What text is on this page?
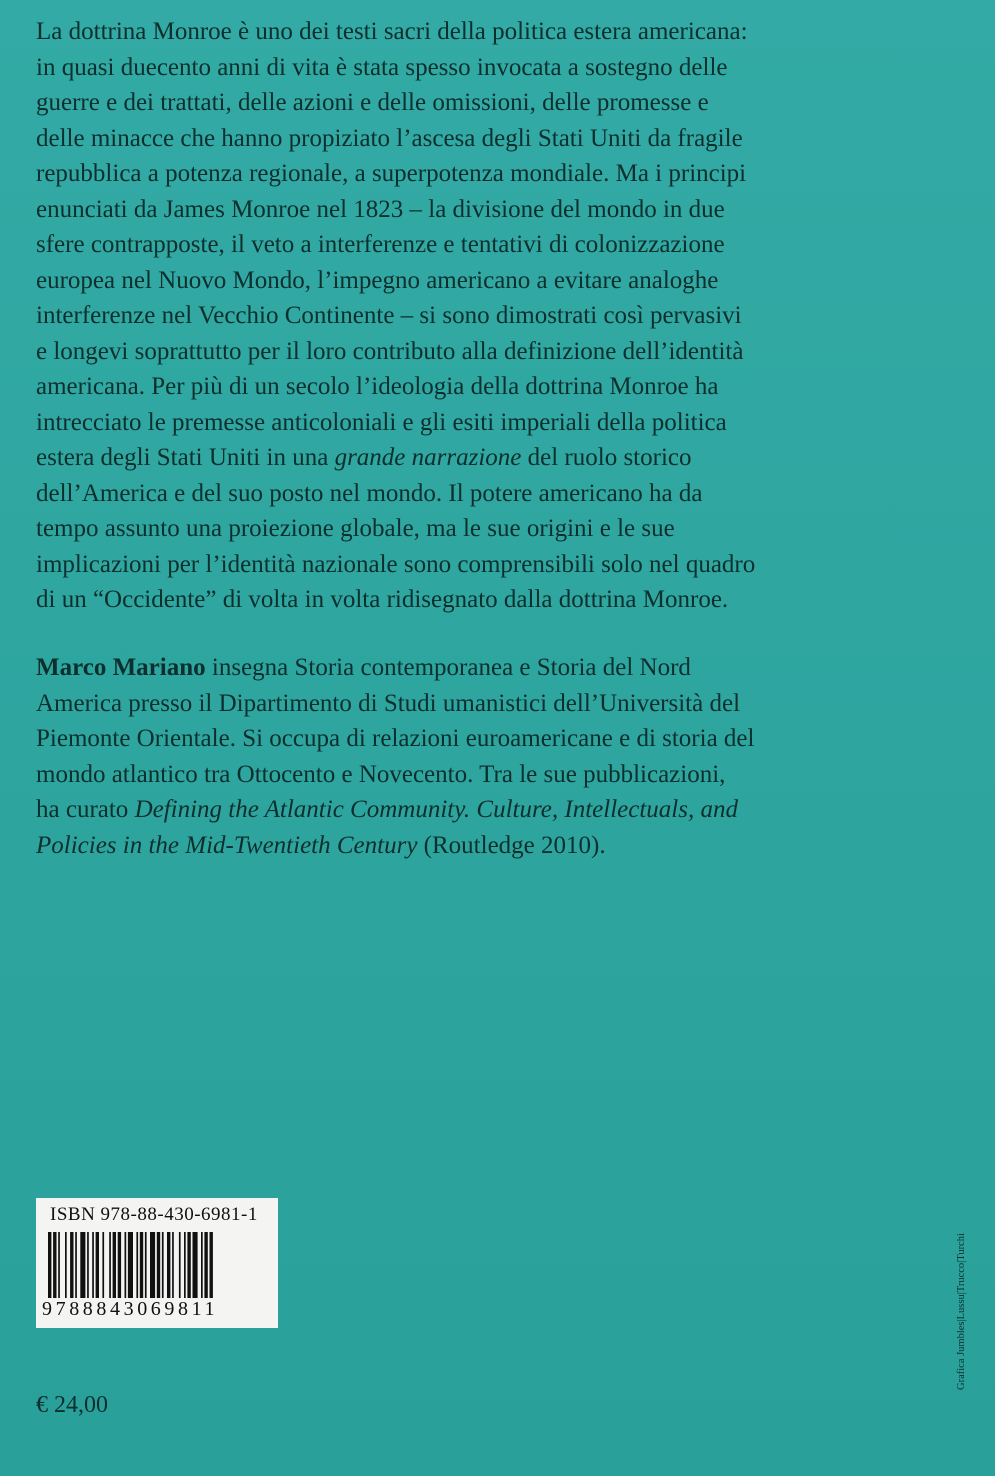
La dottrina Monroe è uno dei testi sacri della politica estera americana:
in quasi duecento anni di vita è stata spesso invocata a sostegno delle
guerre e dei trattati, delle azioni e delle omissioni, delle promesse e
delle minacce che hanno propiziato l’ascesa degli Stati Uniti da fragile
repubblica a potenza regionale, a superpotenza mondiale. Ma i principi
enunciati da James Monroe nel 1823 – la divisione del mondo in due
sfere contrapposte, il veto a interferenze e tentativi di colonizzazione
europea nel Nuovo Mondo, l’impegno americano a evitare analoghe
interferenze nel Vecchio Continente – si sono dimostrati così pervasivi
e longevi soprattutto per il loro contributo alla definizione dell’identità
americana. Per più di un secolo l’ideologia della dottrina Monroe ha
intrecciato le premesse anticoloniali e gli esiti imperiali della politica
estera degli Stati Uniti in una grande narrazione del ruolo storico
dell’America e del suo posto nel mondo. Il potere americano ha da
tempo assunto una proiezione globale, ma le sue origini e le sue
implicazioni per l’identità nazionale sono comprensibili solo nel quadro
di un “Occidente” di volta in volta ridisegnato dalla dottrina Monroe.
Marco Mariano insegna Storia contemporanea e Storia del Nord
America presso il Dipartimento di Studi umanistici dell’Università del
Piemonte Orientale. Si occupa di relazioni euroamericane e di storia del
mondo atlantico tra Ottocento e Novecento. Tra le sue pubblicazioni,
ha curato Defining the Atlantic Community. Culture, Intellectuals, and
Policies in the Mid-Twentieth Century (Routledge 2010).
ISBN 978-88-430-6981-1
9788843069811
€ 24,00
Grafica Jumbles|Lussu|Trucco|Turchi
